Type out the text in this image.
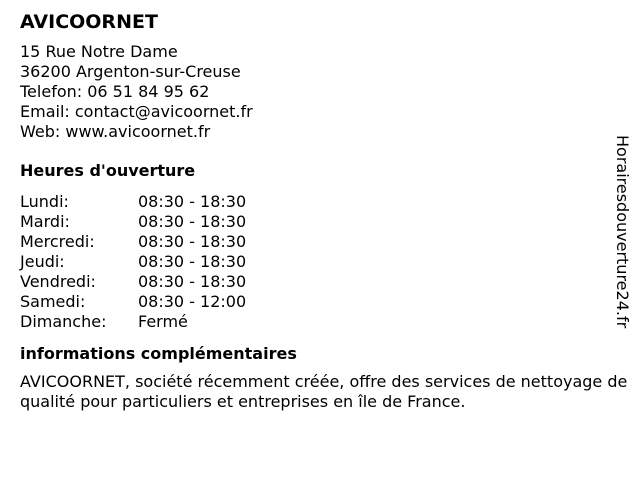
AVICOORNET
15 Rue Notre Dame
36200 Argenton-sur-Creuse
Telefon: 06 51 84 95 62
Email: contact@avicoornet.fr
Web: www.avicoornet.fr
Heures d'ouverture
Lundi:	08:30 - 18:30
Mardi:	08:30 - 18:30
Mercredi:	08:30 - 18:30
Jeudi:	08:30 - 18:30
Vendredi:	08:30 - 18:30
Samedi:	08:30 - 12:00
Dimanche:	Fermé
informations complémentaires
AVICOORNET, société récemment créée, offre des services de nettoyage de qualité pour particuliers et entreprises en île de France.
Horairesdouverture24.fr
